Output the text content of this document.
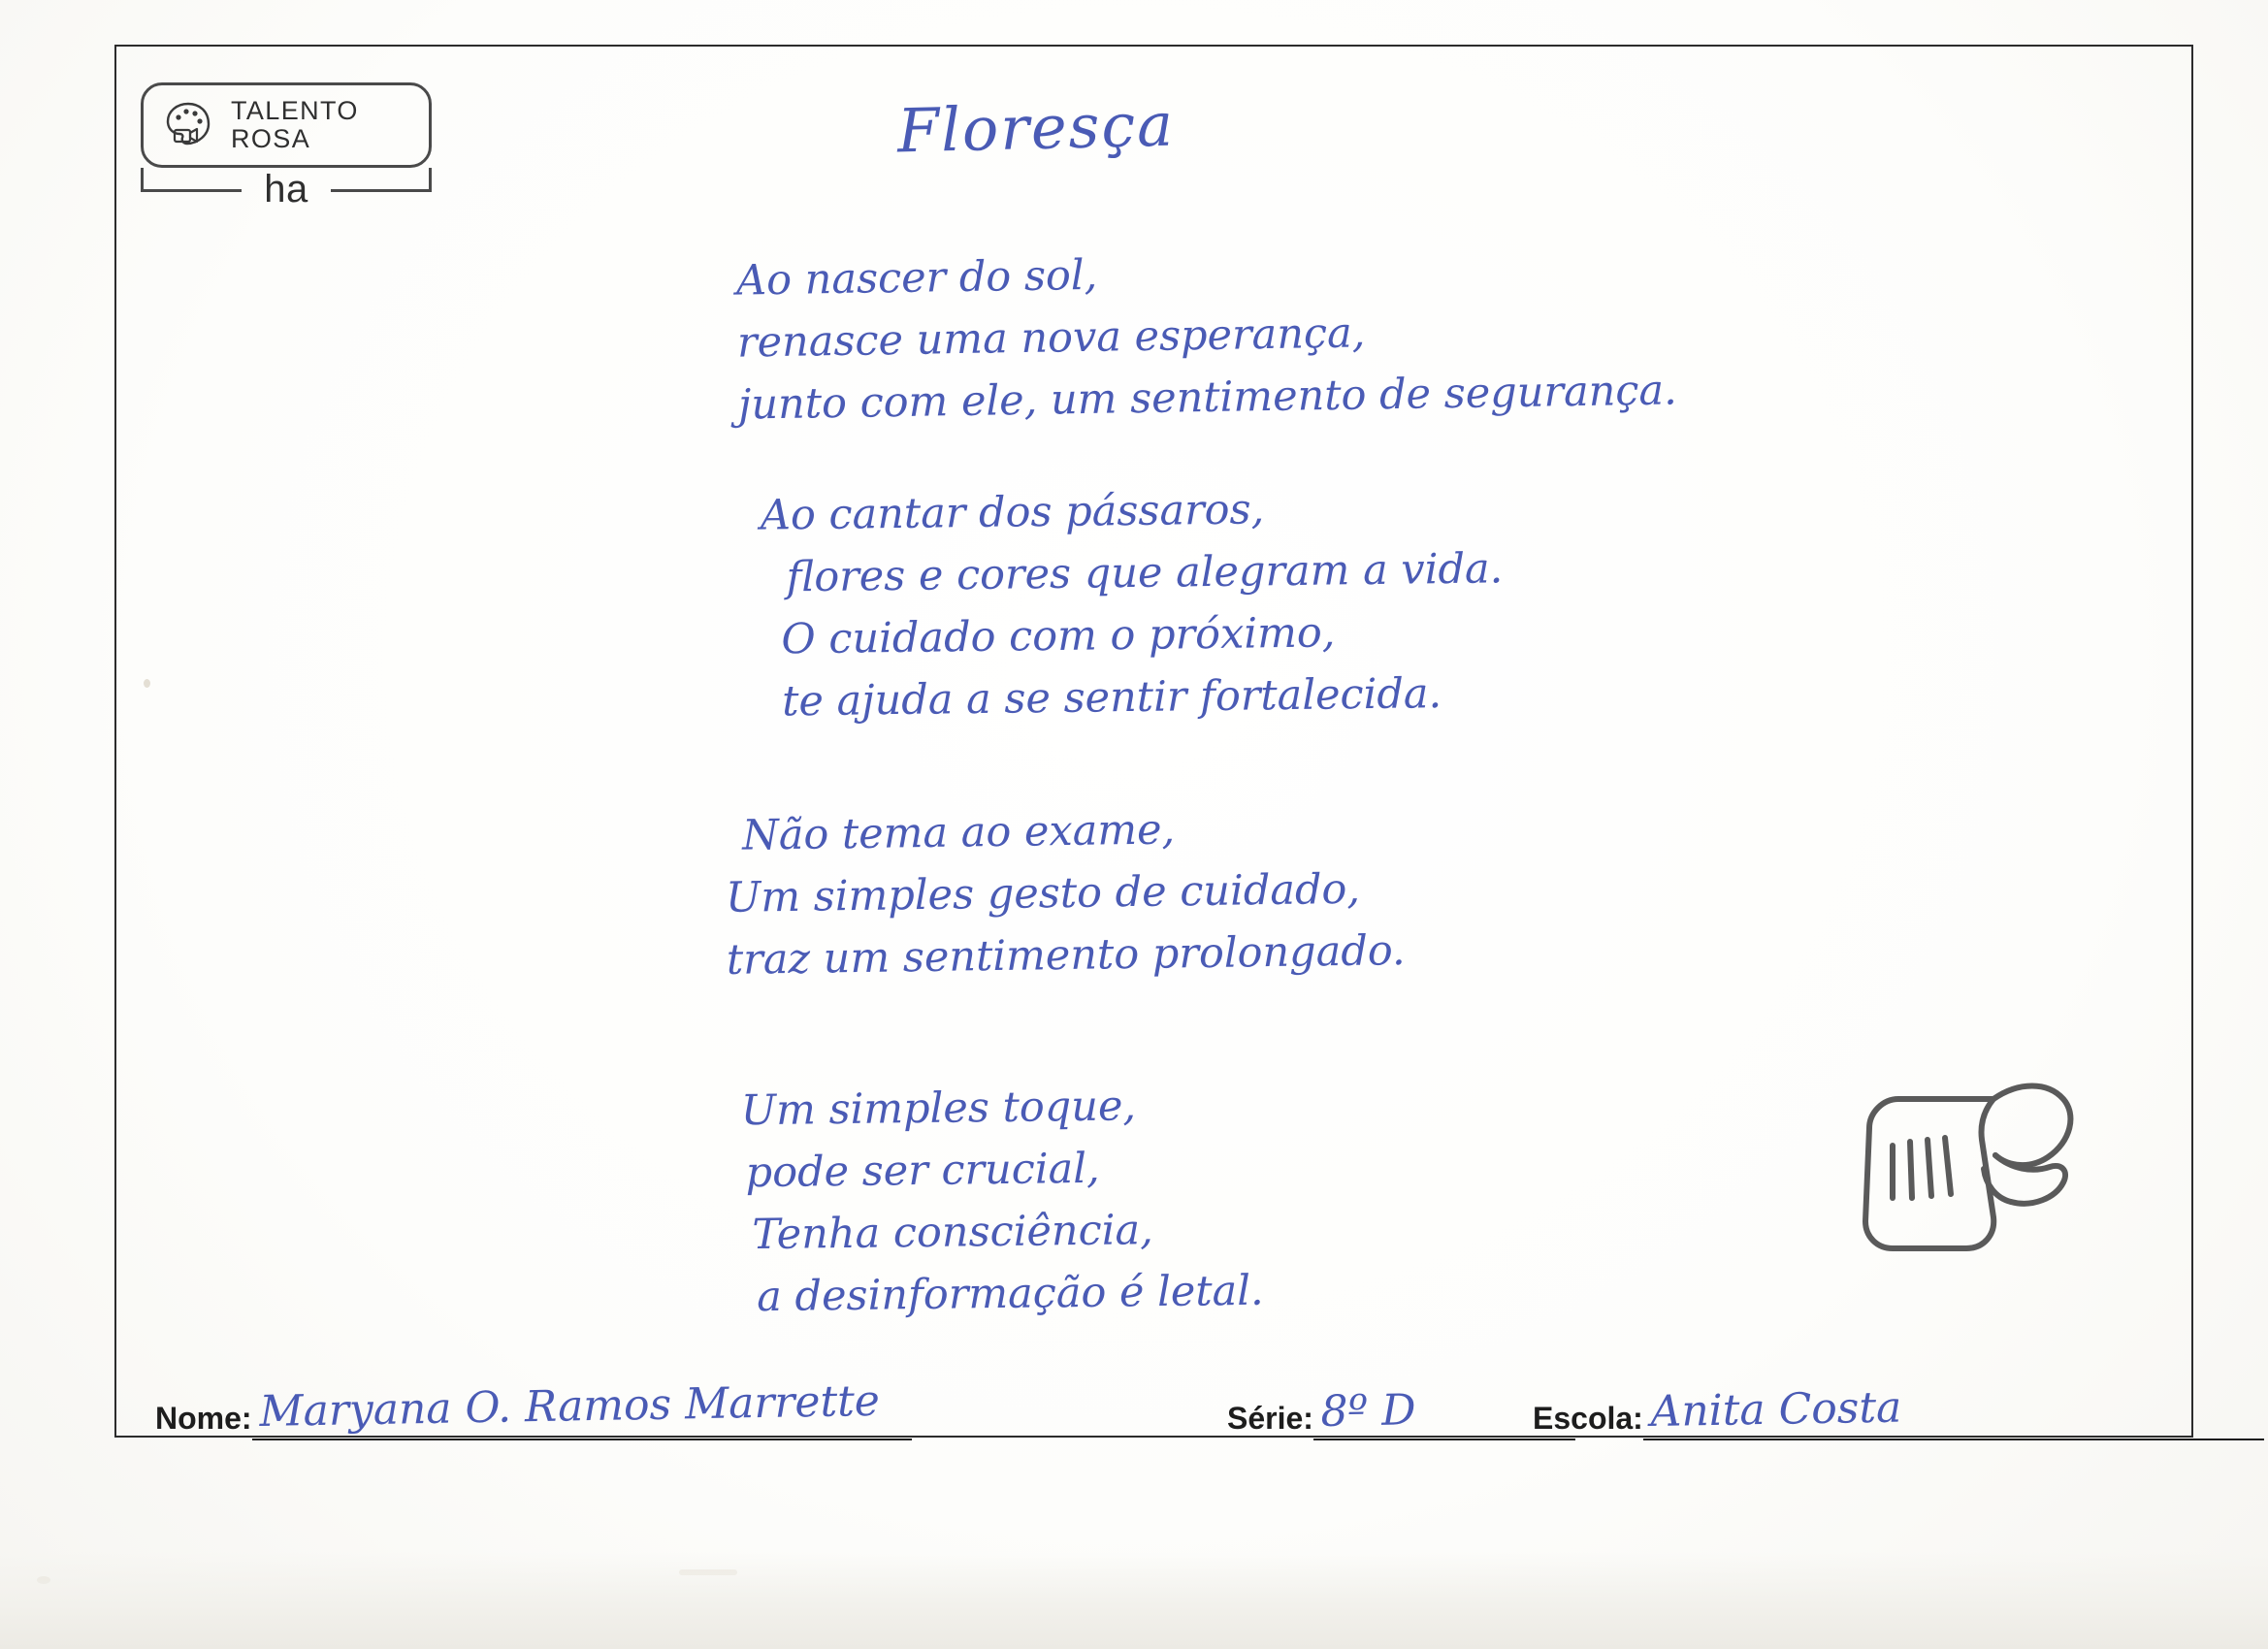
TALENTO
ROSA
ha
Floresça
Ao nascer do sol,
renasce uma nova esperança,
junto com ele, um sentimento de segurança.
Ao cantar dos pássaros,
flores e cores que alegram a vida.
O cuidado com o próximo,
te ajuda a se sentir fortalecida.
Não tema ao exame,
Um simples gesto de cuidado,
traz um sentimento prolongado.
Um simples toque,
pode ser crucial,
Tenha consciência,
a desinformação é letal.
Nome: Maryana O. Ramos Marrette	Série: 8º D	Escola: Anita Costa
